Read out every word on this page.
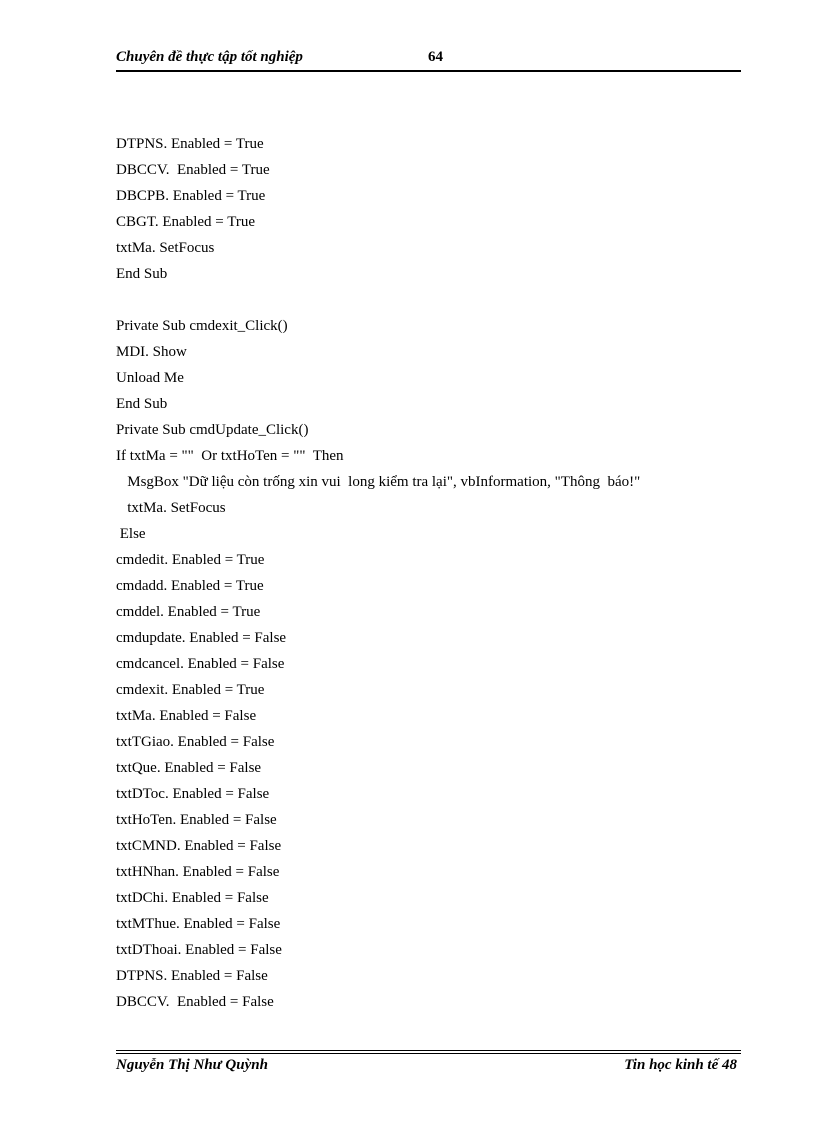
Chuyên đề thực tập tốt nghiệp	64
DTPNS. Enabled = True
DBCCV.  Enabled = True
DBCPB. Enabled = True
CBGT. Enabled = True
txtMa. SetFocus
End Sub
Private Sub cmdexit_Click()
MDI. Show
Unload Me
End Sub
Private Sub cmdUpdate_Click()
If txtMa = ""  Or txtHoTen = ""  Then
MsgBox "Dữ liệu còn trống xin vui  long kiểm tra lại", vbInformation, "Thông  báo!"
txtMa. SetFocus
Else
cmdedit. Enabled = True
cmdadd. Enabled = True
cmddel. Enabled = True
cmdupdate. Enabled = False
cmdcancel. Enabled = False
cmdexit. Enabled = True
txtMa. Enabled = False
txtTGiao. Enabled = False
txtQue. Enabled = False
txtDToc. Enabled = False
txtHoTen. Enabled = False
txtCMND. Enabled = False
txtHNhan. Enabled = False
txtDChi. Enabled = False
txtMThue. Enabled = False
txtDThoai. Enabled = False
DTPNS. Enabled = False
DBCCV.  Enabled = False
Nguyễn Thị Như Quỳnh	Tin học kinh tế 48
